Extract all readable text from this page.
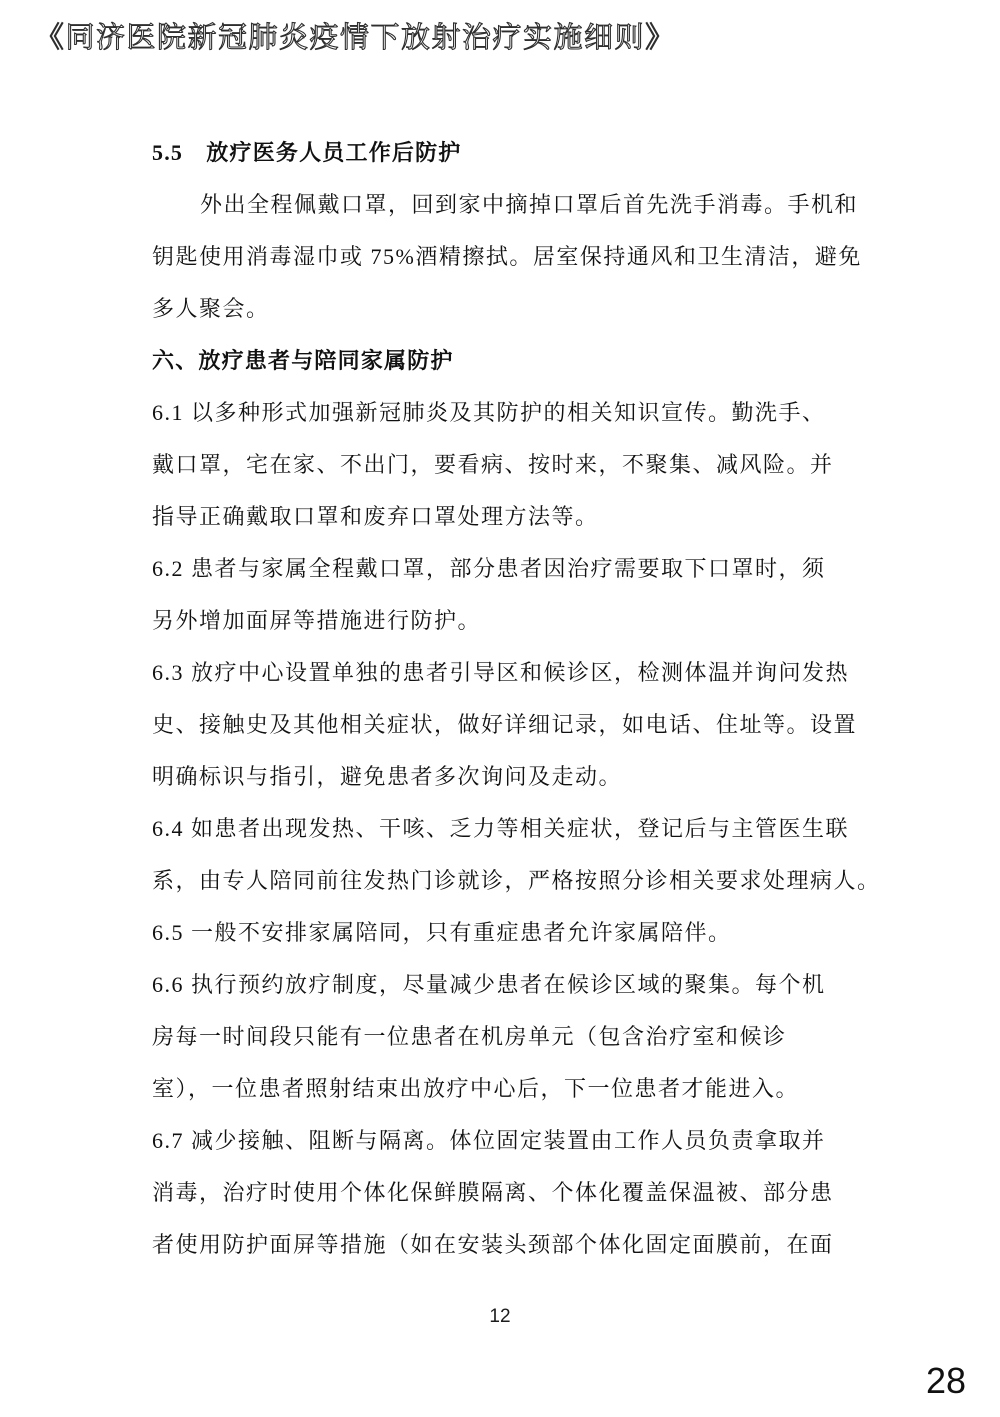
《同济医院新冠肺炎疫情下放射治疗实施细则》
5.5　放疗医务人员工作后防护
外出全程佩戴口罩，回到家中摘掉口罩后首先洗手消毒。手机和
钥匙使用消毒湿巾或 75%酒精擦拭。居室保持通风和卫生清洁，避免
多人聚会。
六、放疗患者与陪同家属防护
6.1 以多种形式加强新冠肺炎及其防护的相关知识宣传。勤洗手、
戴口罩，宅在家、不出门，要看病、按时来，不聚集、减风险。并
指导正确戴取口罩和废弃口罩处理方法等。
6.2 患者与家属全程戴口罩，部分患者因治疗需要取下口罩时，须
另外增加面屏等措施进行防护。
6.3 放疗中心设置单独的患者引导区和候诊区，检测体温并询问发热
史、接触史及其他相关症状，做好详细记录，如电话、住址等。设置
明确标识与指引，避免患者多次询问及走动。
6.4 如患者出现发热、干咳、乏力等相关症状，登记后与主管医生联
系，由专人陪同前往发热门诊就诊，严格按照分诊相关要求处理病人。
6.5 一般不安排家属陪同，只有重症患者允许家属陪伴。
6.6 执行预约放疗制度，尽量减少患者在候诊区域的聚集。每个机
房每一时间段只能有一位患者在机房单元（包含治疗室和候诊
室），一位患者照射结束出放疗中心后，下一位患者才能进入。
6.7 减少接触、阻断与隔离。体位固定装置由工作人员负责拿取并
消毒，治疗时使用个体化保鲜膜隔离、个体化覆盖保温被、部分患
者使用防护面屏等措施（如在安装头颈部个体化固定面膜前，在面
12
28
